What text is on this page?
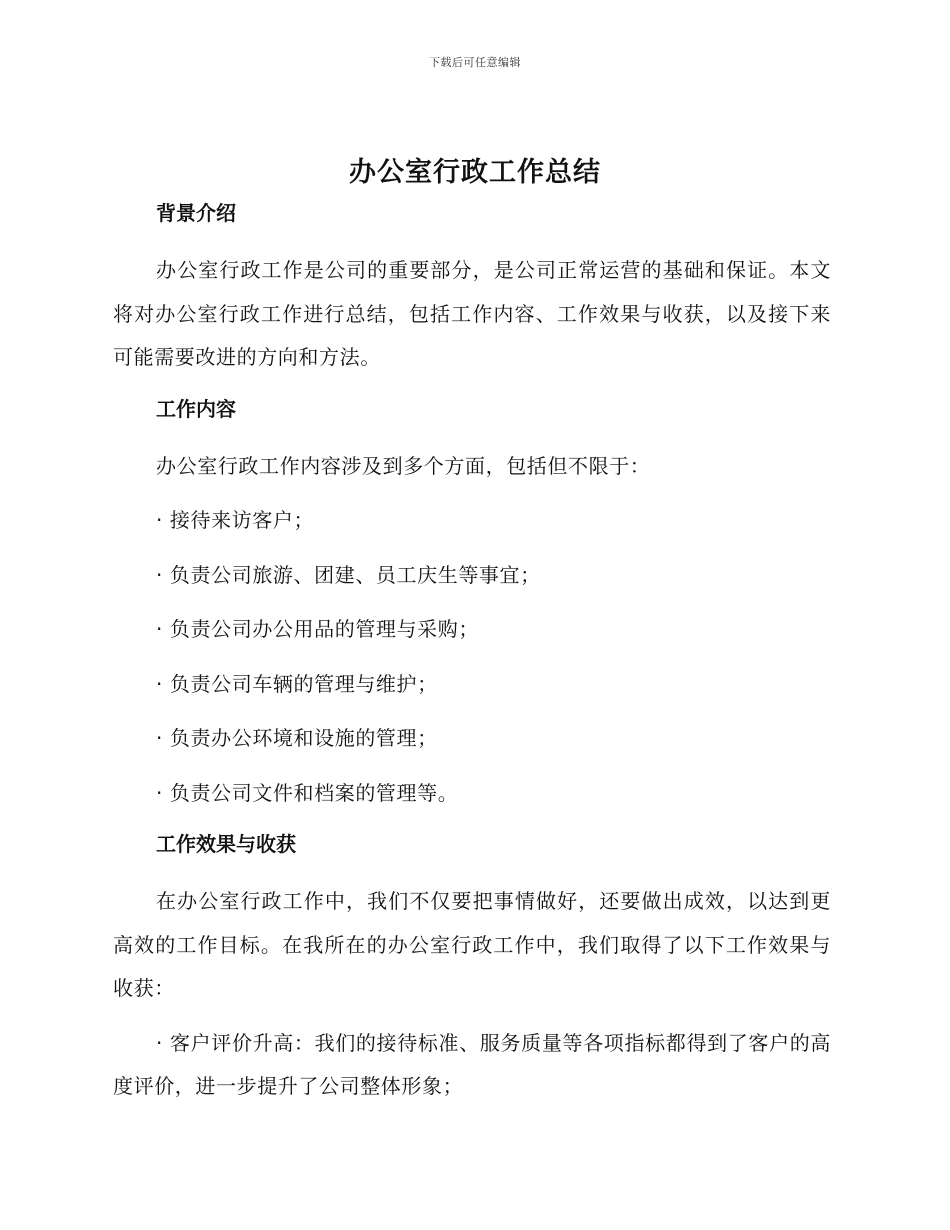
下载后可任意编辑
办公室行政工作总结
背景介绍

办公室行政工作是公司的重要部分，是公司正常运营的基础和保证。本文将对办公室行政工作进行总结，包括工作内容、工作效果与收获，以及接下来可能需要改进的方向和方法。

工作内容

办公室行政工作内容涉及到多个方面，包括但不限于：

· 接待来访客户；

· 负责公司旅游、团建、员工庆生等事宜；

· 负责公司办公用品的管理与采购；

· 负责公司车辆的管理与维护；

· 负责办公环境和设施的管理；

· 负责公司文件和档案的管理等。

工作效果与收获

在办公室行政工作中，我们不仅要把事情做好，还要做出成效，以达到更高效的工作目标。在我所在的办公室行政工作中，我们取得了以下工作效果与收获：

· 客户评价升高：我们的接待标准、服务质量等各项指标都得到了客户的高度评价，进一步提升了公司整体形象；
